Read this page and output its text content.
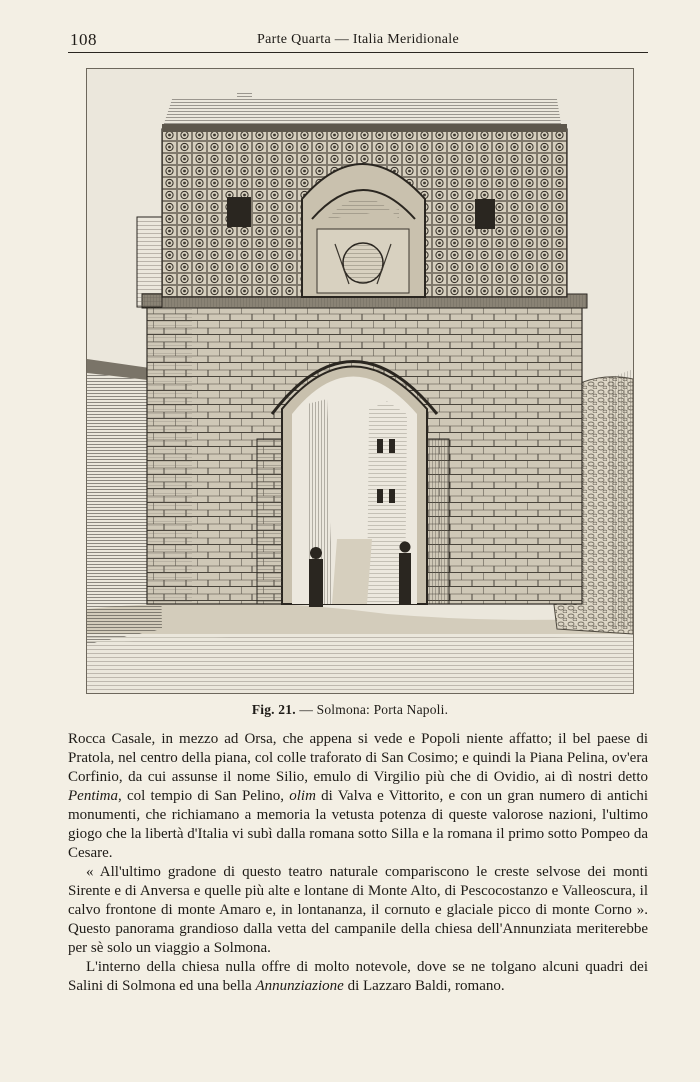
108	Parte Quarta — Italia Meridionale
Fig. 21. — Solmona: Porta Napoli.

Rocca Casale, in mezzo ad Orsa, che appena si vede e Popoli niente affatto; il bel paese di Pratola, nel centro della piana, col colle traforato di San Cosimo; e quindi la Piana Pelina, ov'era Corfinio, da cui assunse il nome Silio, emulo di Virgilio più che di Ovidio, ai dì nostri detto Pentima, col tempio di San Pelino, olim di Valva e Vittorito, e con un gran numero di antichi monumenti, che richiamano a memoria la vetusta potenza di queste valorose nazioni, l'ultimo giogo che la libertà d'Italia vi subì dalla romana sotto Silla e la romana il primo sotto Pompeo da Cesare.

« All'ultimo gradone di questo teatro naturale compariscono le creste selvose dei monti Sirente e di Anversa e quelle più alte e lontane di Monte Alto, di Pescocostanzo e Valleoscura, il calvo frontone di monte Amaro e, in lontananza, il cornuto e glaciale picco di monte Corno ». Questo panorama grandioso dalla vetta del campanile della chiesa dell'Annunziata meriterebbe per sè solo un viaggio a Solmona.

L'interno della chiesa nulla offre di molto notevole, dove se ne tolgano alcuni quadri dei Salini di Solmona ed una bella Annunziazione di Lazzaro Baldi, romano.
